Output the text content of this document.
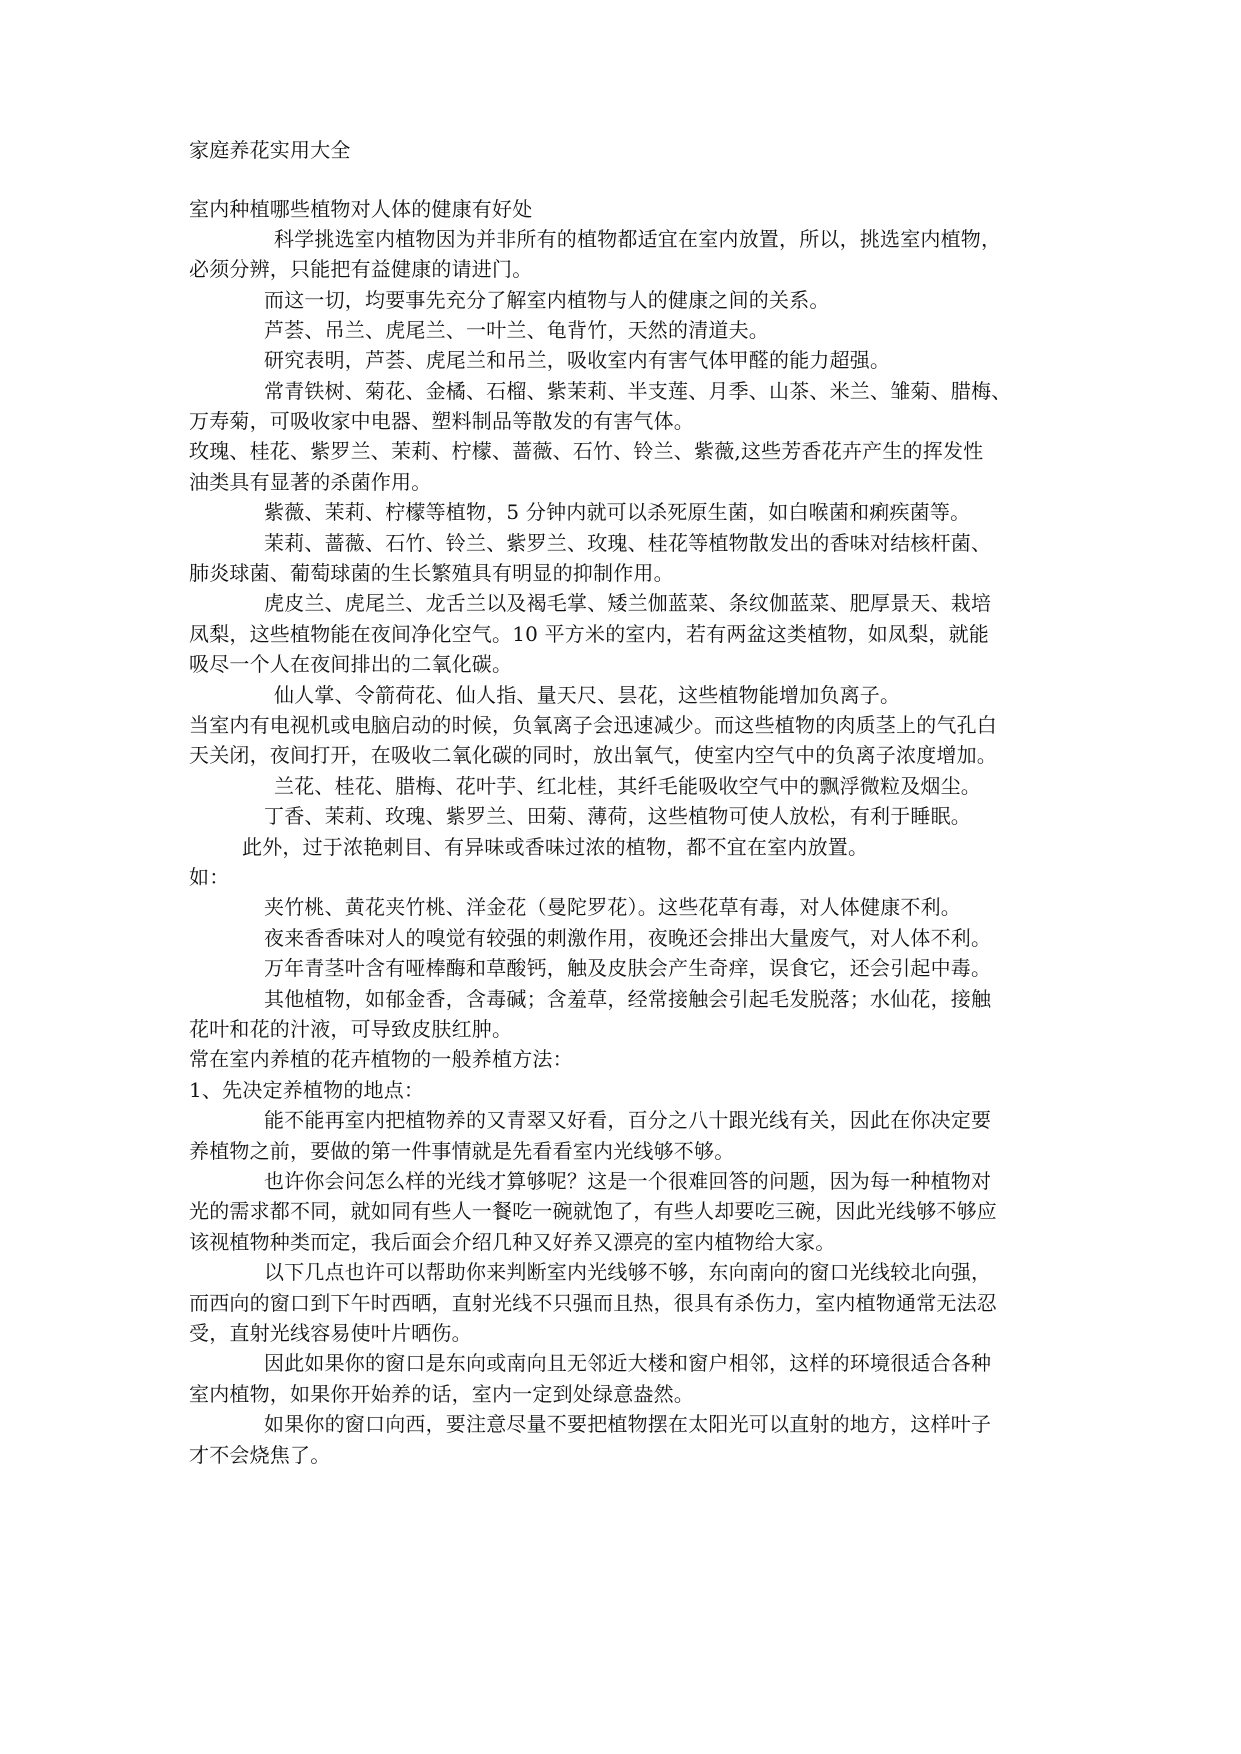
家庭养花实用大全
室内种植哪些植物对人体的健康有好处
科学挑选室内植物因为并非所有的植物都适宜在室内放置，所以，挑选室内植物，
必须分辨，只能把有益健康的请进门。
而这一切，均要事先充分了解室内植物与人的健康之间的关系。
芦荟、吊兰、虎尾兰、一叶兰、龟背竹，天然的清道夫。
研究表明，芦荟、虎尾兰和吊兰，吸收室内有害气体甲醛的能力超强。
常青铁树、菊花、金橘、石榴、紫茉莉、半支莲、月季、山茶、米兰、雏菊、腊梅、
万寿菊，可吸收家中电器、塑料制品等散发的有害气体。
玫瑰、桂花、紫罗兰、茉莉、柠檬、蔷薇、石竹、铃兰、紫薇,这些芳香花卉产生的挥发性
油类具有显著的杀菌作用。
紫薇、茉莉、柠檬等植物，5 分钟内就可以杀死原生菌，如白喉菌和痢疾菌等。
茉莉、蔷薇、石竹、铃兰、紫罗兰、玫瑰、桂花等植物散发出的香味对结核杆菌、
肺炎球菌、葡萄球菌的生长繁殖具有明显的抑制作用。
虎皮兰、虎尾兰、龙舌兰以及褐毛掌、矮兰伽蓝菜、条纹伽蓝菜、肥厚景天、栽培
凤梨，这些植物能在夜间净化空气。10 平方米的室内，若有两盆这类植物，如凤梨，就能
吸尽一个人在夜间排出的二氧化碳。
仙人掌、令箭荷花、仙人指、量天尺、昙花，这些植物能增加负离子。
当室内有电视机或电脑启动的时候，负氧离子会迅速减少。而这些植物的肉质茎上的气孔白
天关闭，夜间打开，在吸收二氧化碳的同时，放出氧气，使室内空气中的负离子浓度增加。
兰花、桂花、腊梅、花叶芋、红北桂，其纤毛能吸收空气中的飘浮微粒及烟尘。
丁香、茉莉、玫瑰、紫罗兰、田菊、薄荷，这些植物可使人放松，有利于睡眠。
此外，过于浓艳刺目、有异味或香味过浓的植物，都不宜在室内放置。
如：
夹竹桃、黄花夹竹桃、洋金花（曼陀罗花）。这些花草有毒，对人体健康不利。
夜来香香味对人的嗅觉有较强的刺激作用，夜晚还会排出大量废气，对人体不利。
万年青茎叶含有哑棒酶和草酸钙，触及皮肤会产生奇痒，误食它，还会引起中毒。
其他植物，如郁金香，含毒碱；含羞草，经常接触会引起毛发脱落；水仙花，接触
花叶和花的汁液，可导致皮肤红肿。
常在室内养植的花卉植物的一般养植方法：
1、先决定养植物的地点：
能不能再室内把植物养的又青翠又好看，百分之八十跟光线有关，因此在你决定要
养植物之前，要做的第一件事情就是先看看室内光线够不够。
也许你会问怎么样的光线才算够呢？这是一个很难回答的问题，因为每一种植物对
光的需求都不同，就如同有些人一餐吃一碗就饱了，有些人却要吃三碗，因此光线够不够应
该视植物种类而定，我后面会介绍几种又好养又漂亮的室内植物给大家。
以下几点也许可以帮助你来判断室内光线够不够，东向南向的窗口光线较北向强，
而西向的窗口到下午时西晒，直射光线不只强而且热，很具有杀伤力，室内植物通常无法忍
受，直射光线容易使叶片晒伤。
因此如果你的窗口是东向或南向且无邻近大楼和窗户相邻，这样的环境很适合各种
室内植物，如果你开始养的话，室内一定到处绿意盎然。
如果你的窗口向西，要注意尽量不要把植物摆在太阳光可以直射的地方，这样叶子
才不会烧焦了。
